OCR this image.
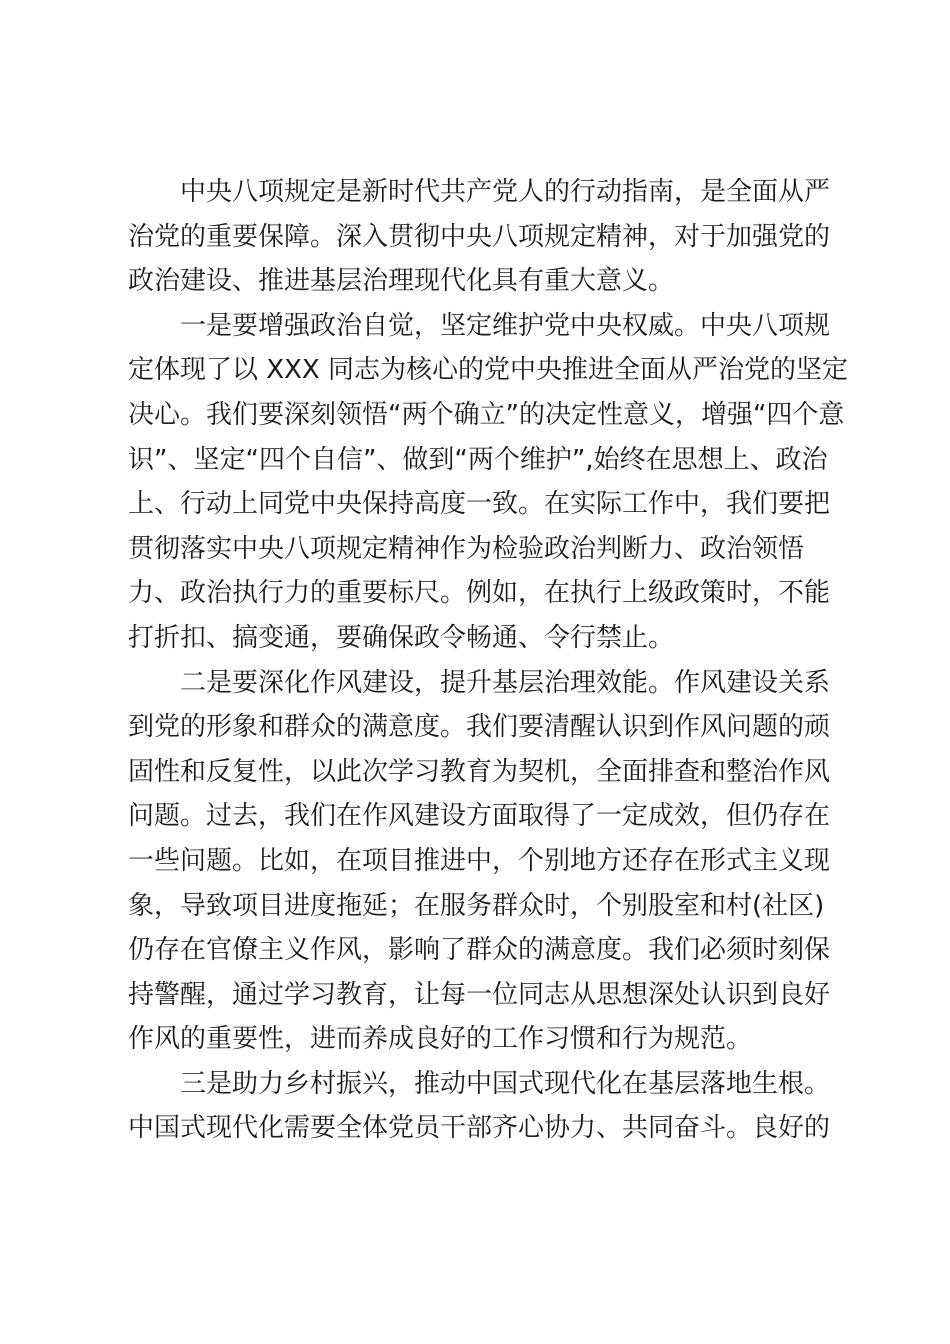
中央八项规定是新时代共产党人的行动指南，是全面从严
治党的重要保障。深入贯彻中央八项规定精神，对于加强党的
政治建设、推进基层治理现代化具有重大意义。
一是要增强政治自觉，坚定维护党中央权威。中央八项规
定体现了以 XXX 同志为核心的党中央推进全面从严治党的坚定
决心。我们要深刻领悟“两个确立”的决定性意义，增强“四个意
识”、坚定“四个自信”、做到“两个维护”,始终在思想上、政治
上、行动上同党中央保持高度一致。在实际工作中，我们要把
贯彻落实中央八项规定精神作为检验政治判断力、政治领悟
力、政治执行力的重要标尺。例如，在执行上级政策时，不能
打折扣、搞变通，要确保政令畅通、令行禁止。
二是要深化作风建设，提升基层治理效能。作风建设关系
到党的形象和群众的满意度。我们要清醒认识到作风问题的顽
固性和反复性，以此次学习教育为契机，全面排查和整治作风
问题。过去，我们在作风建设方面取得了一定成效，但仍存在
一些问题。比如，在项目推进中，个别地方还存在形式主义现
象，导致项目进度拖延；在服务群众时，个别股室和村(社区)
仍存在官僚主义作风，影响了群众的满意度。我们必须时刻保
持警醒，通过学习教育，让每一位同志从思想深处认识到良好
作风的重要性，进而养成良好的工作习惯和行为规范。
三是助力乡村振兴，推动中国式现代化在基层落地生根。
中国式现代化需要全体党员干部齐心协力、共同奋斗。良好的
